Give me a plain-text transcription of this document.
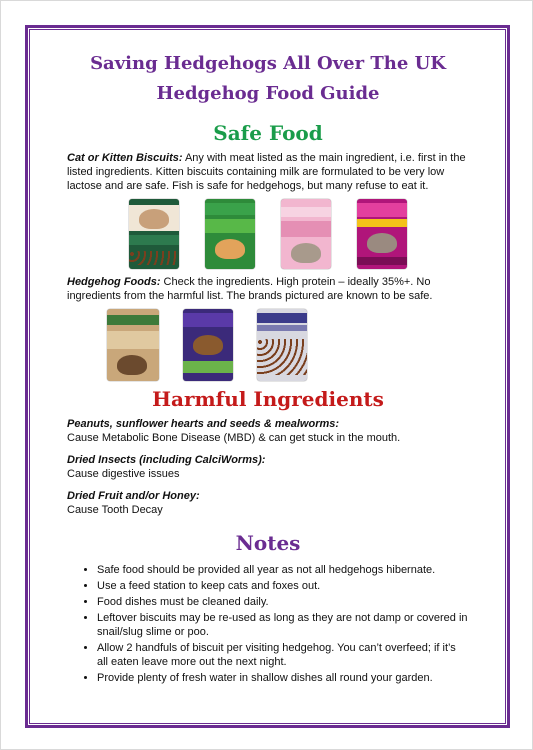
Saving Hedgehogs All Over The UK
Hedgehog Food Guide
Safe Food

Cat or Kitten Biscuits: Any with meat listed as the main ingredient, i.e. first in the listed ingredients. Kitten biscuits containing milk are formulated to be very low lactose and are safe. Fish is safe for hedgehogs, but many refuse to eat it.

Hedgehog Foods: Check the ingredients. High protein – ideally 35%+. No ingredients from the harmful list. The brands pictured are known to be safe.

Harmful Ingredients

Peanuts, sunflower hearts and seeds & mealworms:

Cause Metabolic Bone Disease (MBD) & can get stuck in the mouth.

Dried Insects (including CalciWorms):

Cause digestive issues

Dried Fruit and/or Honey:

Cause Tooth Decay

Notes
• Safe food should be provided all year as not all hedgehogs hibernate.
• Use a feed station to keep cats and foxes out.
• Food dishes must be cleaned daily.
• Leftover biscuits may be re-used as long as they are not damp or covered in snail/slug slime or poo.
• Allow 2 handfuls of biscuit per visiting hedgehog. You can’t overfeed; if it’s all eaten leave more out the next night.
• Provide plenty of fresh water in shallow dishes all round your garden.
